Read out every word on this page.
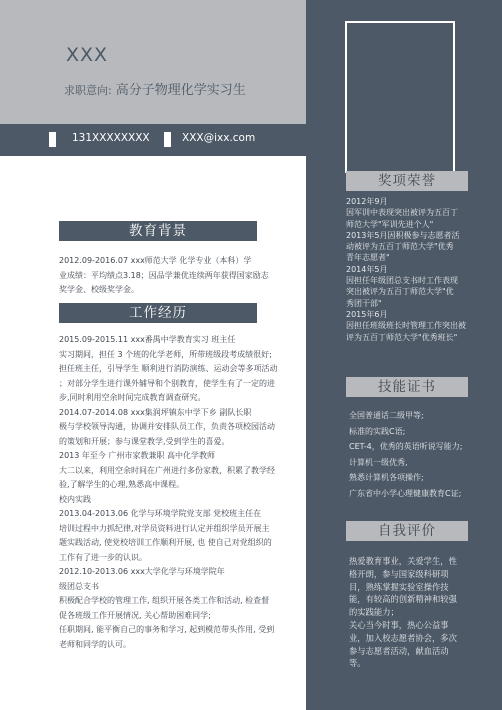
XXX
求职意向: 高分子物理化学实习生
131XXXXXXXX	XXX@ixx.com
奖项荣誉
2012年9月
因军训中表现突出被评为五百丁
师范大学"军训先进个人"
2013年5月因积极参与志愿者活
动被评为五百丁师范大学"优秀
青年志愿者"
2014年5月
因担任年级团总支书时工作表现
突出被评为五百丁师范大学"优
秀团干部"
2015年6月
因担任班级班长时管理工作突出被
评为五百丁师范大学"优秀班长"
技能证书
全国普通话二级甲等;
标准的实践C语;
CET-4，优秀的英语听说写能力;
计算机一级优秀,
熟悉计算机各项操作;
广东省中小学心理健康教育C证;
自我评价
热爱教育事业，关爱学生，性
格开朗，参与国家级科研项
目，熟练掌握实验室操作技
能，有较高的创新精神和较强
的实践能力；
关心当今时事，热心公益事
业，加入校志愿者协会，多次
参与志愿者活动，献血活动
等。
教育背景
2012.09-2016.07 xxx师范大学 化学专业（本科）学
业成绩：平均绩点3.18；因品学兼优连续两年获得国家励志
奖学金、校级奖学金。
工作经历
2015.09-2015.11 xxx番禺中学教育实习 班主任
实习期间，担任 3 个班的化学老师，所带班级段考成绩很好;
担任班主任，引导学生 顺利进行消防演练、运动会等多项活动
；对部分学生进行课外辅导和个别教育，使学生有了一定的进
步,同时利用空余时间完成教育调查研究。
2014.07-2014.08 xxx集润坪镇东中学下乡 副队长职
极与学校领导沟通，协调并安排队员工作，负责各项校园活动
的策划和开展；参与课堂教学,受到学生的喜爱。
2013 年至今 广州市家教兼职 高中化学教师
大二以来，利用空余时间在广州进行多份家教，积累了教学经
验,了解学生的心理,熟悉高中课程。
校内实践
2013.04-2013.06 化学与环境学院党支部 党校班主任在
培训过程中力抓纪律,对学员资料进行认定并组织学员开展主
题实践活动, 使党校培训工作顺利开展, 也 使自己对党组织的
工作有了进一步的认识。
2012.10-2013.06 xxx大学化学与环境学院年
级团总支书
积极配合学校的管理工作, 组织开展各类工作和活动, 检查督
促各班级工作开展情况, 关心帮助困难同学;
任职期间, 能平衡自己的事务和学习, 起到模范带头作用, 受到
老师和同学的认可。
